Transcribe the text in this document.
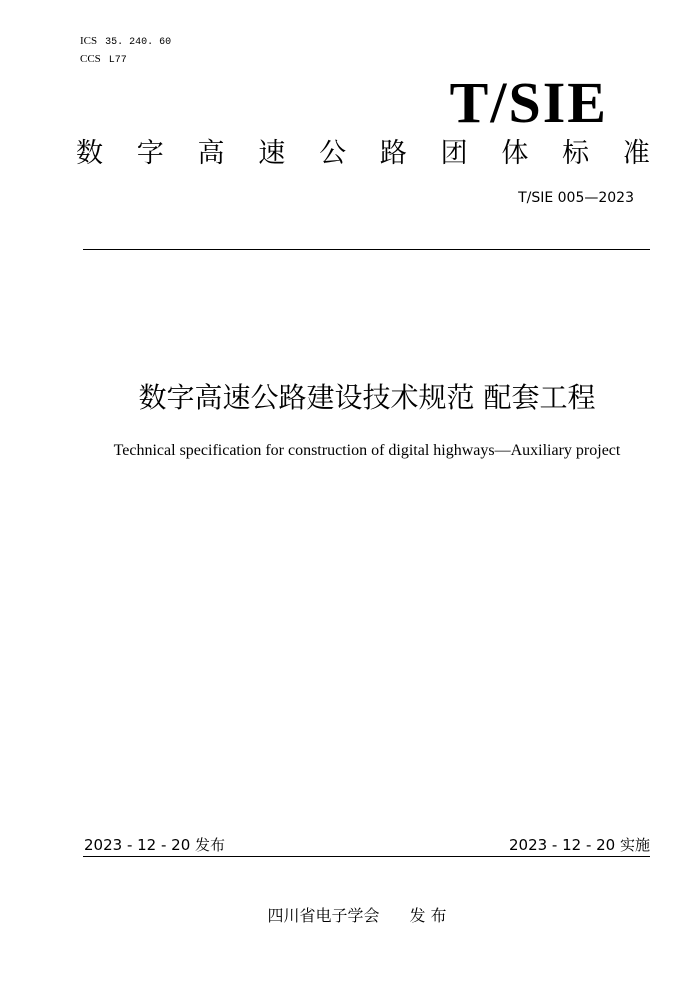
ICS 35. 240. 60
CCS L77
T/SIE
数 字 高 速 公 路 团 体 标 准
T/SIE 005—2023
数字高速公路建设技术规范 配套工程
Technical specification for construction of digital highways—Auxiliary project
2023 - 12 - 20 发布	2023 - 12 - 20 实施
四川省电子学会 发 布
